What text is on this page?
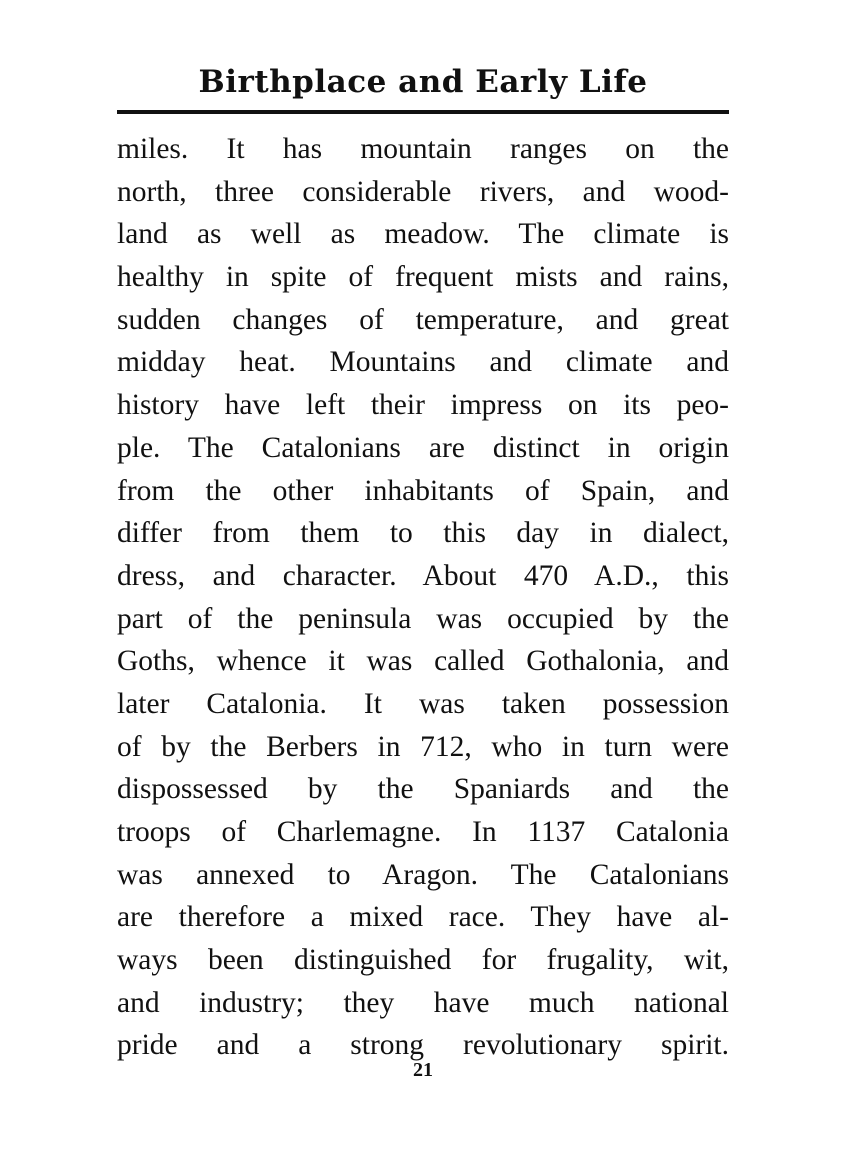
Birthplace and Early Life
miles. It has mountain ranges on the
north, three considerable rivers, and wood-
land as well as meadow. The climate is
healthy in spite of frequent mists and rains,
sudden changes of temperature, and great
midday heat. Mountains and climate and
history have left their impress on its peo-
ple. The Catalonians are distinct in origin
from the other inhabitants of Spain, and
differ from them to this day in dialect,
dress, and character. About 470 A.D., this
part of the peninsula was occupied by the
Goths, whence it was called Gothalonia, and
later Catalonia. It was taken possession
of by the Berbers in 712, who in turn were
dispossessed by the Spaniards and the
troops of Charlemagne. In 1137 Catalonia
was annexed to Aragon. The Catalonians
are therefore a mixed race. They have al-
ways been distinguished for frugality, wit,
and industry; they have much national
pride and a strong revolutionary spirit.
21
